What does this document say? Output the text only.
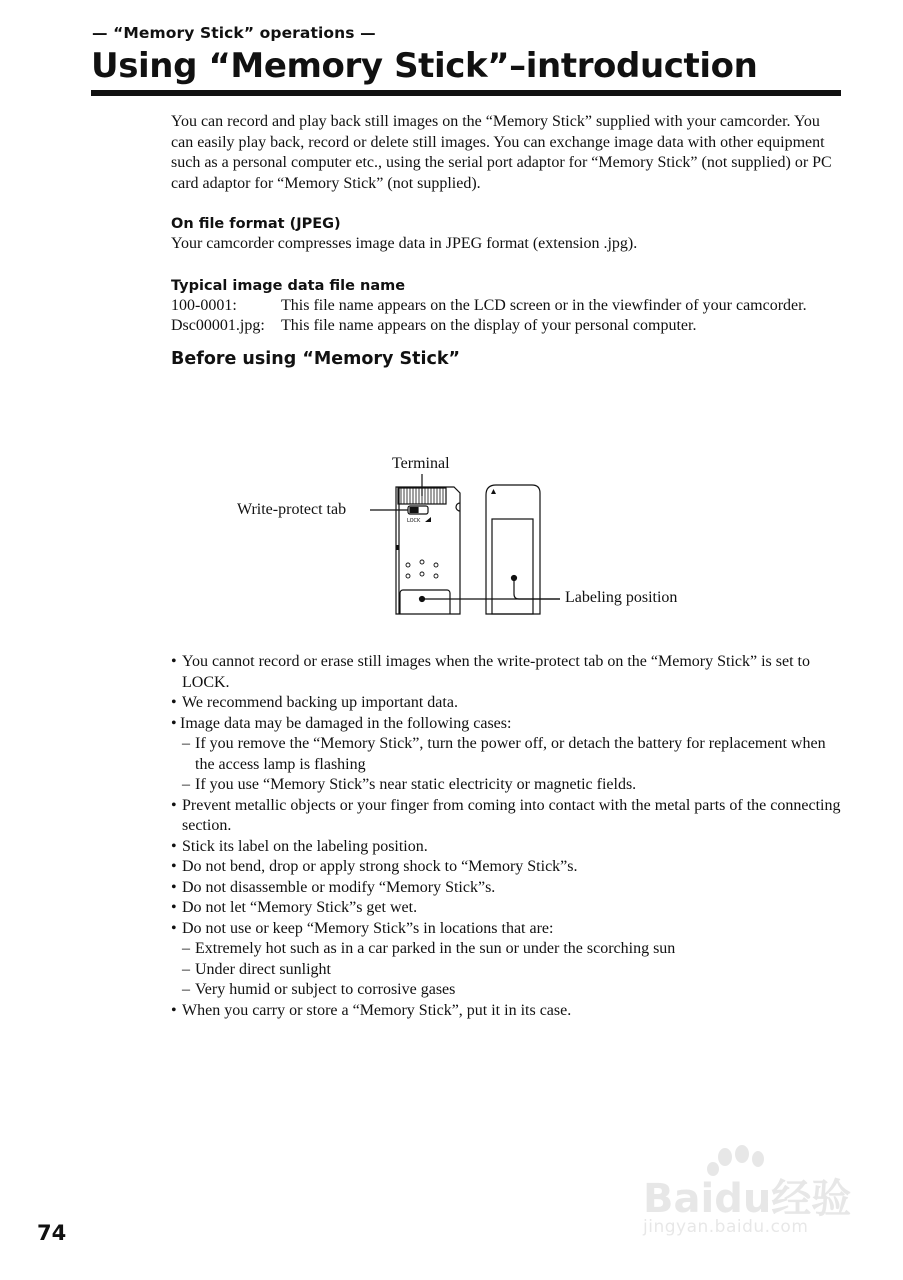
— “Memory Stick” operations —
Using “Memory Stick”–introduction

You can record and play back still images on the “Memory Stick” supplied with your camcorder. You can easily play back, record or delete still images. You can exchange image data with other equipment such as a personal computer etc., using the serial port adaptor for “Memory Stick” (not supplied) or PC card adaptor for “Memory Stick” (not supplied).

On file format (JPEG)

Your camcorder compresses image data in JPEG format (extension .jpg).

Typical image data file name

100-0001:	This file name appears on the LCD screen or in the viewfinder of your camcorder.
Dsc00001.jpg:	This file name appears on the display of your personal computer.

Before using “Memory Stick”

LOCK
Terminal
Write-protect tab
Labeling position
• You cannot record or erase still images when the write-protect tab on the “Memory Stick” is set to LOCK.
• We recommend backing up important data.
• Image data may be damaged in the following cases:
– If you remove the “Memory Stick”, turn the power off, or detach the battery for replacement when the access lamp is flashing
– If you use “Memory Stick”s near static electricity or magnetic fields.
• Prevent metallic objects or your finger from coming into contact with the metal parts of the connecting section.
• Stick its label on the labeling position.
• Do not bend, drop or apply strong shock to “Memory Stick”s.
• Do not disassemble or modify “Memory Stick”s.
• Do not let “Memory Stick”s get wet.
• Do not use or keep “Memory Stick”s in locations that are:
– Extremely hot such as in a car parked in the sun or under the scorching sun
– Under direct sunlight
– Very humid or subject to corrosive gases
• When you carry or store a “Memory Stick”, put it in its case.
74
Baidu经验
jingyan.baidu.com
